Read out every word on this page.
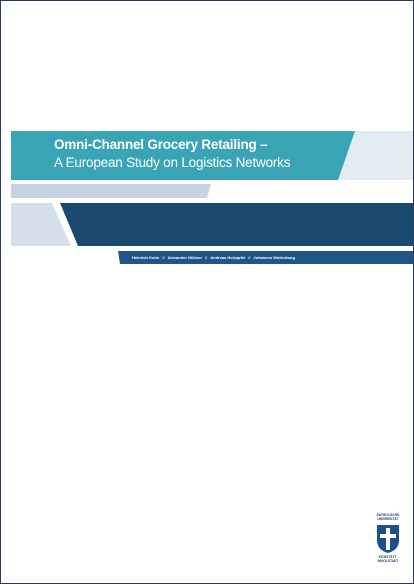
Omni-Channel Grocery Retailing –
A European Study on Logistics Networks
Heinrich Kuhn // Alexander Hübner // Andreas Holzapfel // Johannes Wollenburg
KATHOLISCHE UNIVERSITÄT
EICHSTÄTT-INGOLSTADT
